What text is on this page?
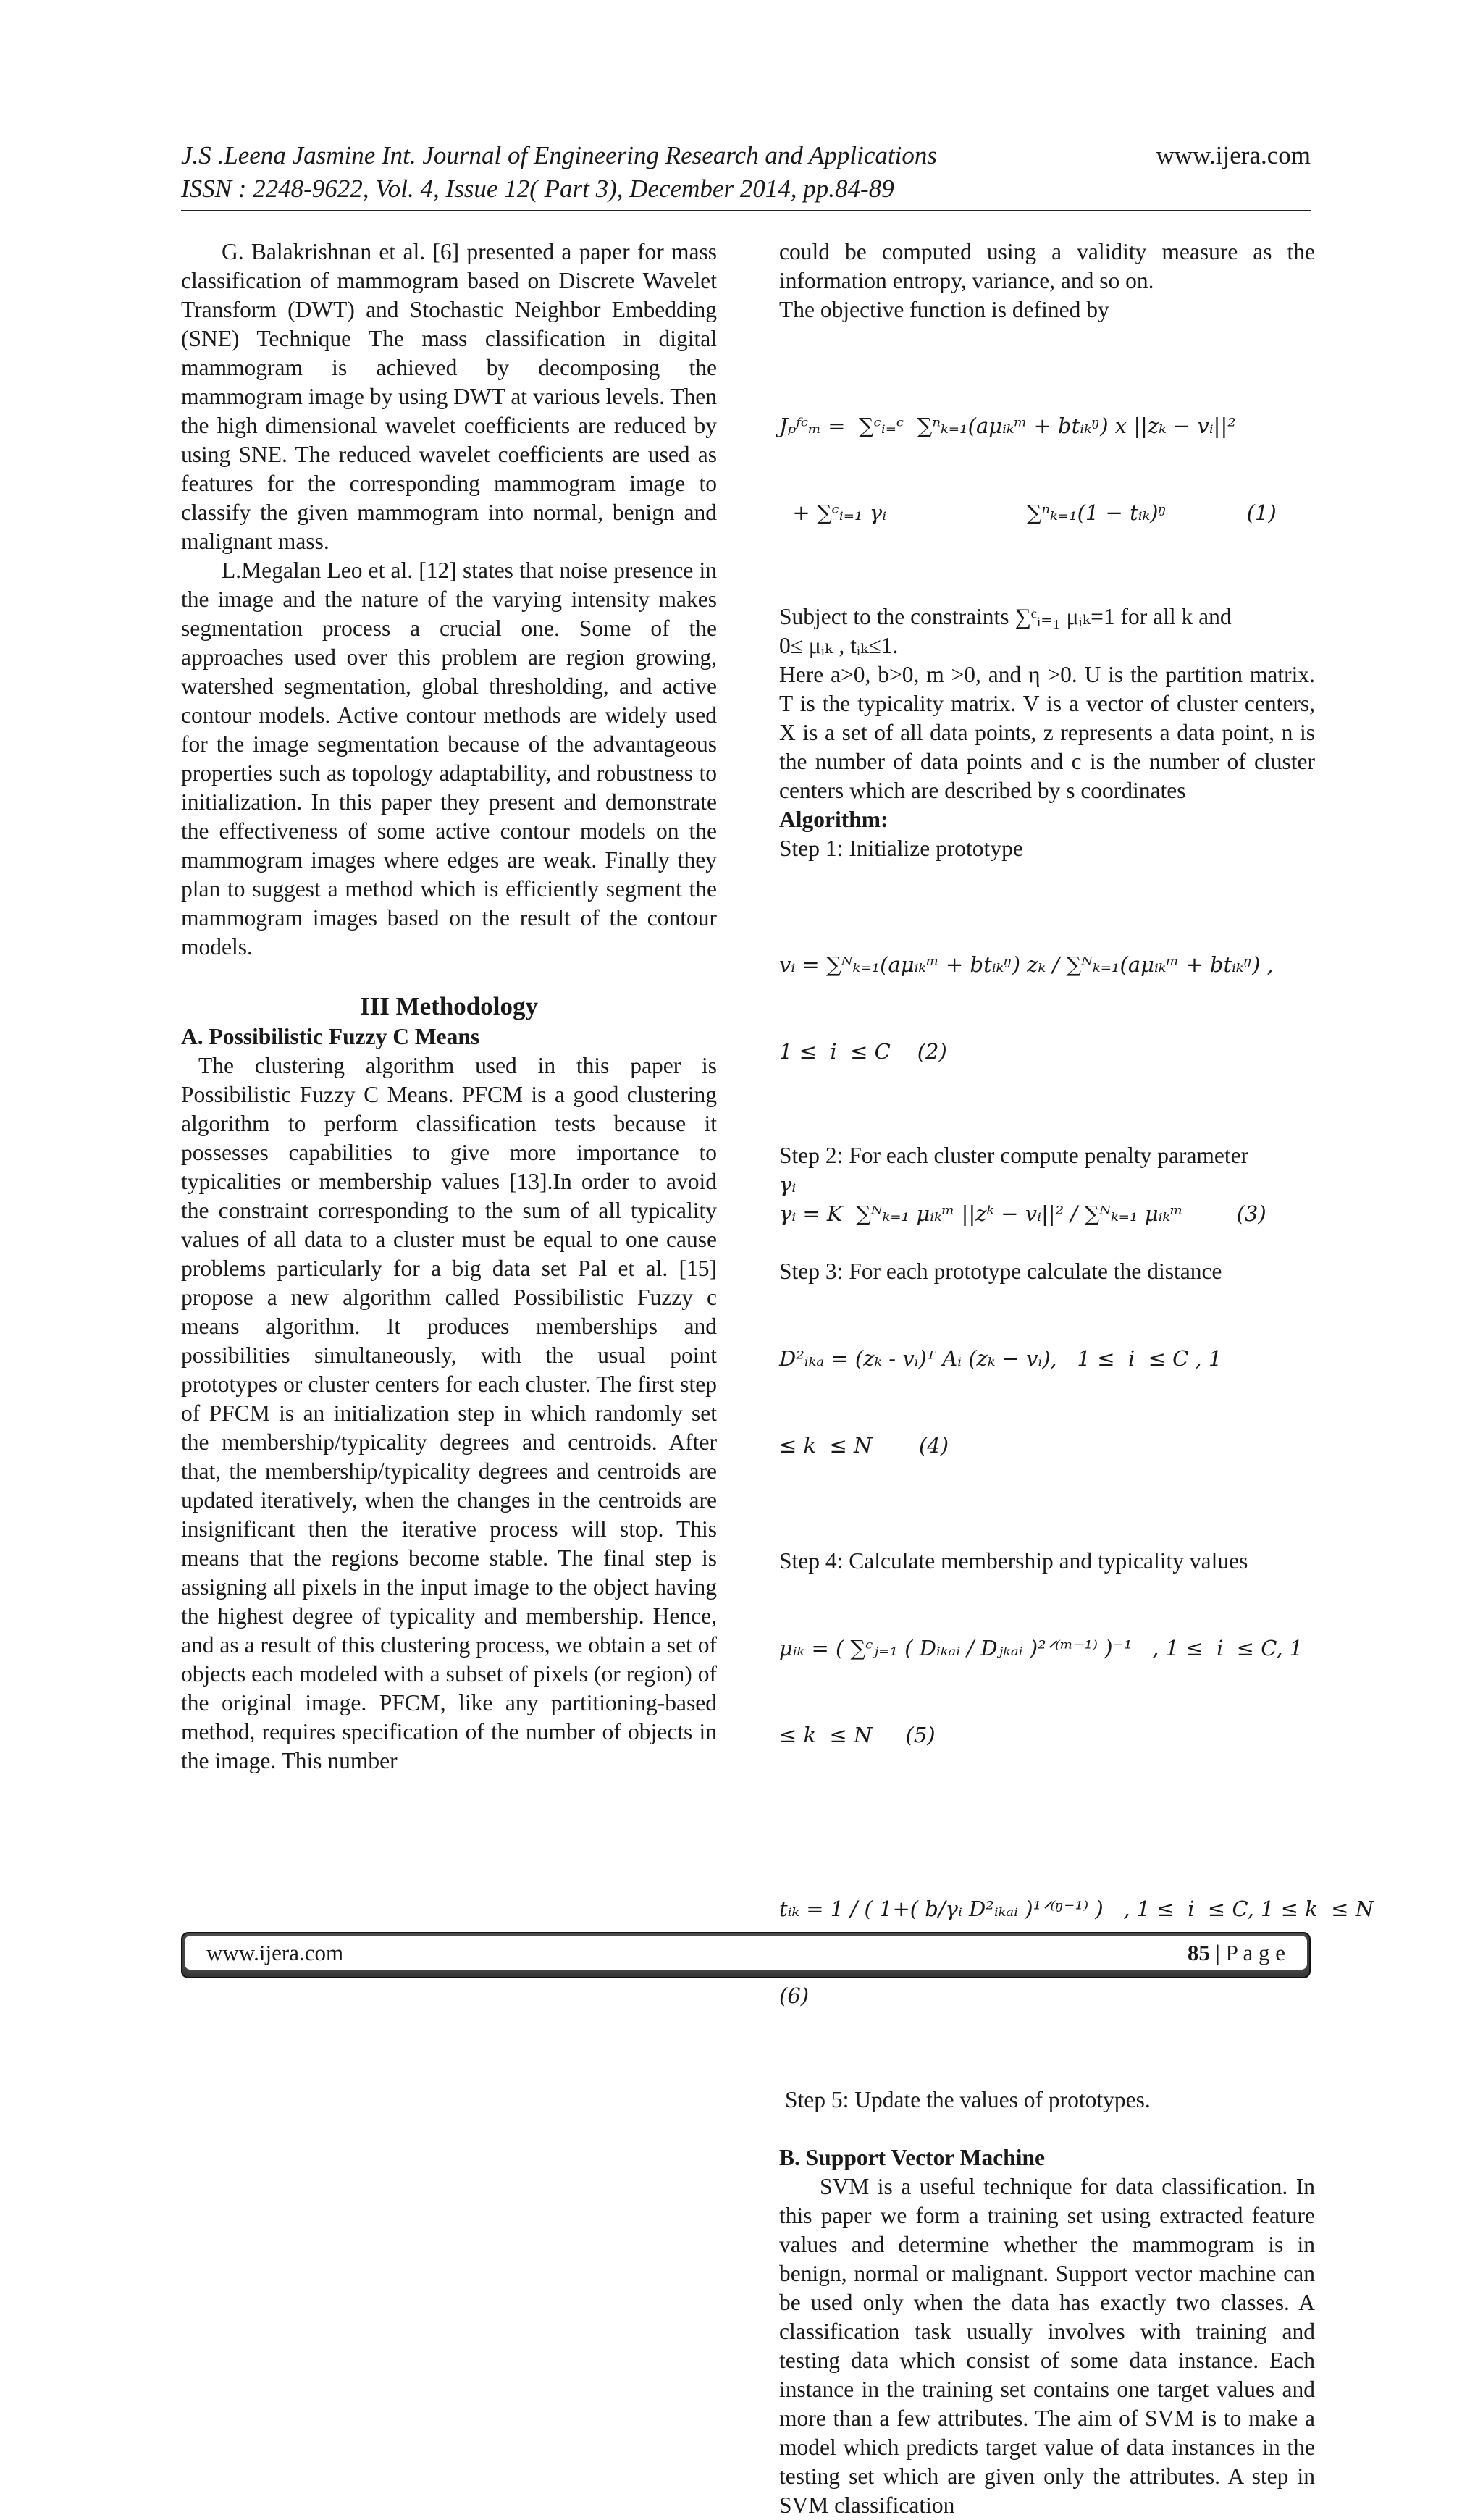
J.S .Leena Jasmine Int. Journal of Engineering Research and Applications	www.ijera.com
ISSN : 2248-9622, Vol. 4, Issue 12( Part 3), December 2014, pp.84-89

G. Balakrishnan et al. [6] presented a paper for mass classification of mammogram based on Discrete Wavelet Transform (DWT) and Stochastic Neighbor Embedding (SNE) Technique The mass classification in digital mammogram is achieved by decomposing the mammogram image by using DWT at various levels. Then the high dimensional wavelet coefficients are reduced by using SNE. The reduced wavelet coefficients are used as features for the corresponding mammogram image to classify the given mammogram into normal, benign and malignant mass.

L.Megalan Leo et al. [12] states that noise presence in the image and the nature of the varying intensity makes segmentation process a crucial one. Some of the approaches used over this problem are region growing, watershed segmentation, global thresholding, and active contour models. Active contour methods are widely used for the image segmentation because of the advantageous properties such as topology adaptability, and robustness to initialization. In this paper they present and demonstrate the effectiveness of some active contour models on the mammogram images where edges are weak. Finally they plan to suggest a method which is efficiently segment the mammogram images based on the result of the contour models.

III Methodology

A. Possibilistic Fuzzy C Means

The clustering algorithm used in this paper is Possibilistic Fuzzy C Means. PFCM is a good clustering algorithm to perform classification tests because it possesses capabilities to give more importance to typicalities or membership values [13].In order to avoid the constraint corresponding to the sum of all typicality values of all data to a cluster must be equal to one cause problems particularly for a big data set Pal et al. [15] propose a new algorithm called Possibilistic Fuzzy c means algorithm. It produces memberships and possibilities simultaneously, with the usual point prototypes or cluster centers for each cluster. The first step of PFCM is an initialization step in which randomly set the membership/typicality degrees and centroids. After that, the membership/typicality degrees and centroids are updated iteratively, when the changes in the centroids are insignificant then the iterative process will stop. This means that the regions become stable. The final step is assigning all pixels in the input image to the object having the highest degree of typicality and membership. Hence, and as a result of this clustering process, we obtain a set of objects each modeled with a subset of pixels (or region) of the original image. PFCM, like any partitioning-based method, requires specification of the number of objects in the image. This number

could be computed using a validity measure as the information entropy, variance, and so on.

The objective function is defined by

Jₚᶠᶜₘ =  ∑ᶜᵢ₌ᶜ  ∑ⁿₖ₌₁(aμᵢₖᵐ + btᵢₖᵑ) x ||zₖ − vᵢ||²

+ ∑ᶜᵢ₌₁ γᵢ                     ∑ⁿₖ₌₁(1 − tᵢₖ)ᵑ            (1)

Subject to the constraints ∑ᶜᵢ₌₁ μᵢₖ=1 for all k and

0≤ μᵢₖ , tᵢₖ≤1.

Here a>0, b>0, m >0, and η >0. U is the partition matrix. T is the typicality matrix. V is a vector of cluster centers, X is a set of all data points, z represents a data point, n is the number of data points and c is the number of cluster centers which are described by s coordinates

Algorithm:

Step 1: Initialize prototype

vᵢ = ∑ᴺₖ₌₁(aμᵢₖᵐ + btᵢₖᵑ) zₖ ∕ ∑ᴺₖ₌₁(aμᵢₖᵐ + btᵢₖᵑ) ,

1 ≤  i  ≤ C    (2)

Step 2: For each cluster compute penalty parameter

γᵢ

γᵢ = K  ∑ᴺₖ₌₁ μᵢₖᵐ ||zᵏ − vᵢ||² / ∑ᴺₖ₌₁ μᵢₖᵐ        (3)

Step 3: For each prototype calculate the distance

D²ᵢₖₐ = (zₖ - vᵢ)ᵀ Aᵢ (zₖ − vᵢ),   1 ≤  i  ≤ C , 1

≤ k  ≤ N       (4)

Step 4: Calculate membership and typicality values

μᵢₖ = ( ∑ᶜⱼ₌₁ ( Dᵢₖₐᵢ / Dⱼₖₐᵢ )²ᐟ⁽ᵐ⁻¹⁾ )⁻¹   , 1 ≤  i  ≤ C, 1

≤ k  ≤ N     (5)

tᵢₖ = 1 / ( 1+( b/γᵢ D²ᵢₖₐᵢ )¹ᐟ⁽ᵑ⁻¹⁾ )   , 1 ≤  i  ≤ C, 1 ≤ k  ≤ N

(6)

Step 5: Update the values of prototypes.

B. Support Vector Machine

SVM is a useful technique for data classification. In this paper we form a training set using extracted feature values and determine whether the mammogram is in benign, normal or malignant. Support vector machine can be used only when the data has exactly two classes. A classification task usually involves with training and testing data which consist of some data instance. Each instance in the training set contains one target values and more than a few attributes. The aim of SVM is to make a model which predicts target value of data instances in the testing set which are given only the attributes. A step in SVM classification

www.ijera.com	85 | P a g e
